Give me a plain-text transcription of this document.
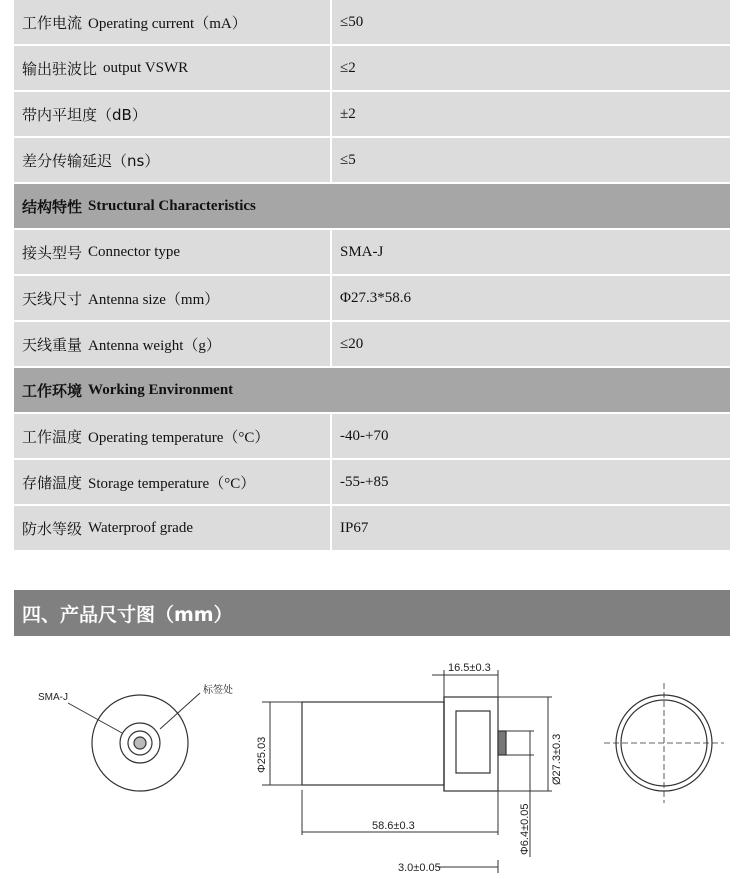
工作电流 Operating current（mA）	≤50
输出驻波比 output VSWR	≤2
带内平坦度（dB）	±2
差分传输延迟（ns）	≤5
结构特性 Structural Characteristics
接头型号 Connector type	SMA-J
天线尺寸 Antenna size（mm）	Φ27.3*58.6
天线重量 Antenna weight（g）	≤20
工作环境 Working Environment
工作温度 Operating temperature（°C）	-40-+70
存储温度 Storage temperature（°C）	-55-+85
防水等级 Waterproof grade	IP67
四、产品尺寸图（mm）
SMA-J
标签处
16.5±0.3
58.6±0.3
3.0±0.05
Φ25.03	Ø27.3±0.3
Φ6.4±0.05
